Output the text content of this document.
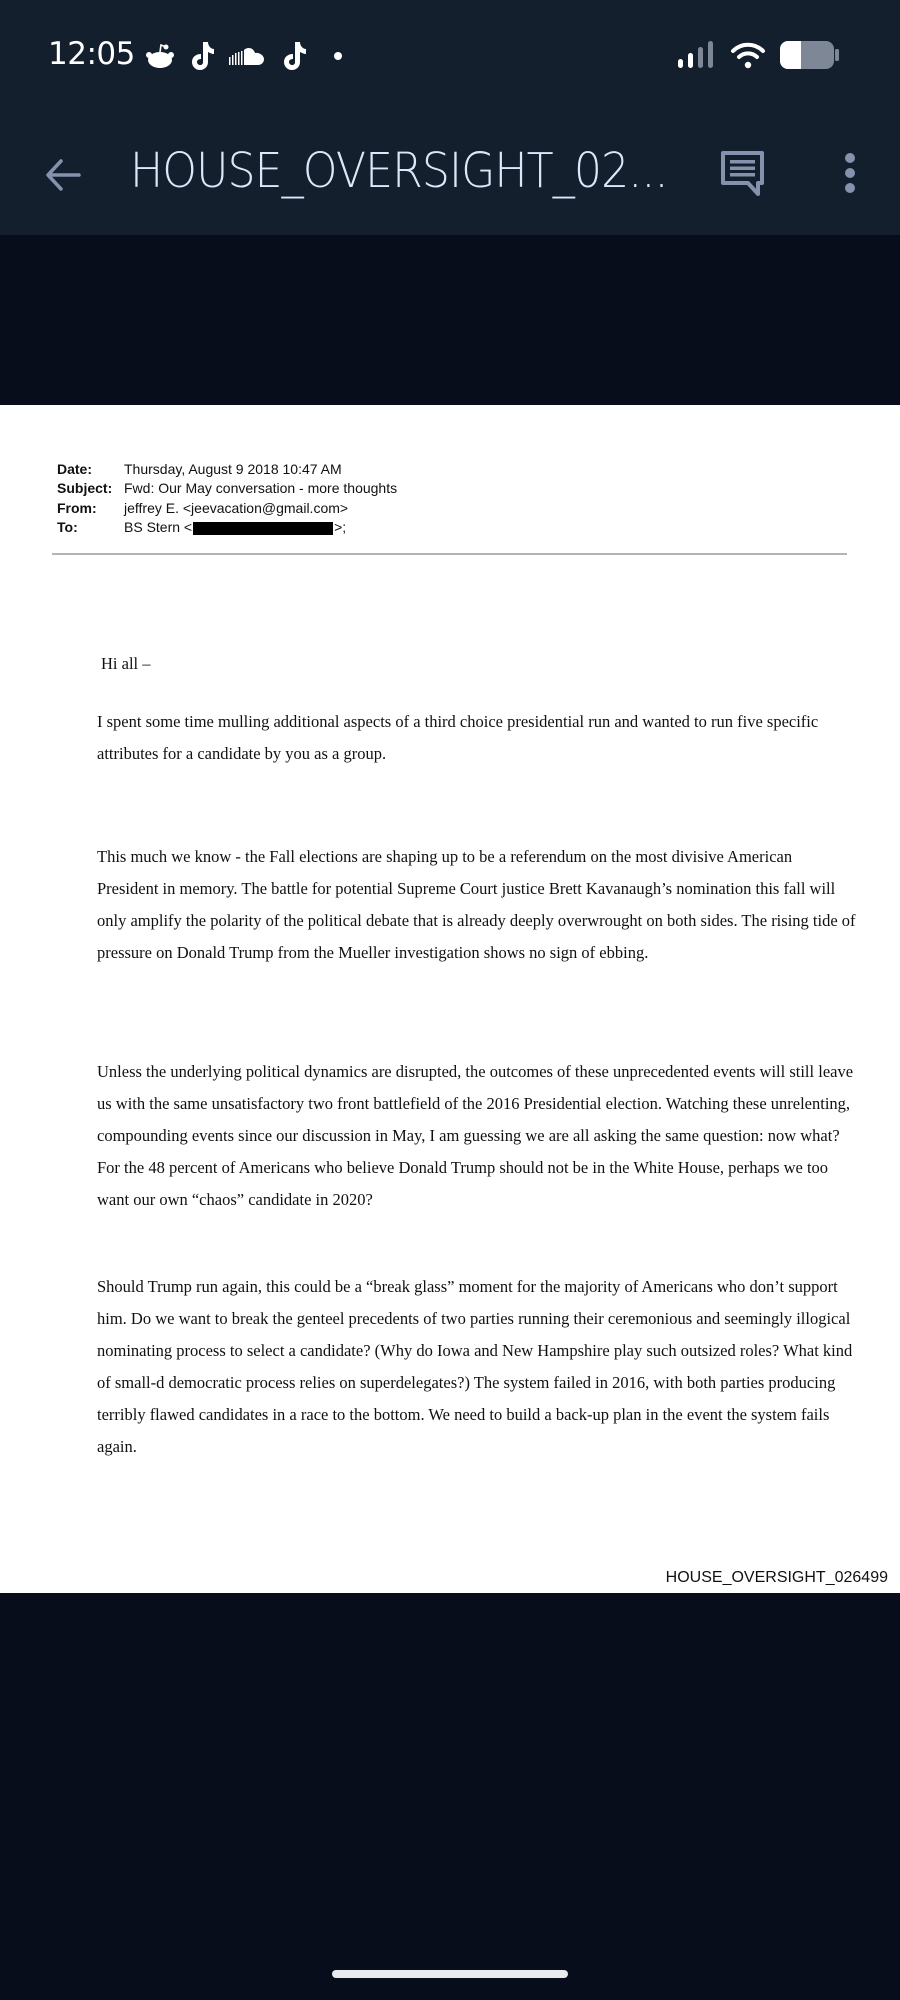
12:05
HOUSE_OVERSIGHT_02...
Date:	Thursday, August 9 2018 10:47 AM
Subject: Fwd: Our May conversation - more thoughts
From:	jeffrey E. <jeevacation@gmail.com>
To:	BS Stern <	>;
Hi all –

I spent some time mulling additional aspects of a third choice presidential run and wanted to run five specific attributes for a candidate by you as a group.

This much we know - the Fall elections are shaping up to be a referendum on the most divisive American President in memory. The battle for potential Supreme Court justice Brett Kavanaugh’s nomination this fall will only amplify the polarity of the political debate that is already deeply overwrought on both sides. The rising tide of pressure on Donald Trump from the Mueller investigation shows no sign of ebbing.

Unless the underlying political dynamics are disrupted, the outcomes of these unprecedented events will still leave us with the same unsatisfactory two front battlefield of the 2016 Presidential election. Watching these unrelenting, compounding events since our discussion in May, I am guessing we are all asking the same question: now what? For the 48 percent of Americans who believe Donald Trump should not be in the White House, perhaps we too want our own “chaos” candidate in 2020?

Should Trump run again, this could be a “break glass” moment for the majority of Americans who don’t support him. Do we want to break the genteel precedents of two parties running their ceremonious and seemingly illogical nominating process to select a candidate? (Why do Iowa and New Hampshire play such outsized roles? What kind of small-d democratic process relies on superdelegates?) The system failed in 2016, with both parties producing terribly flawed candidates in a race to the bottom. We need to build a back-up plan in the event the system fails again.

HOUSE_OVERSIGHT_026499
